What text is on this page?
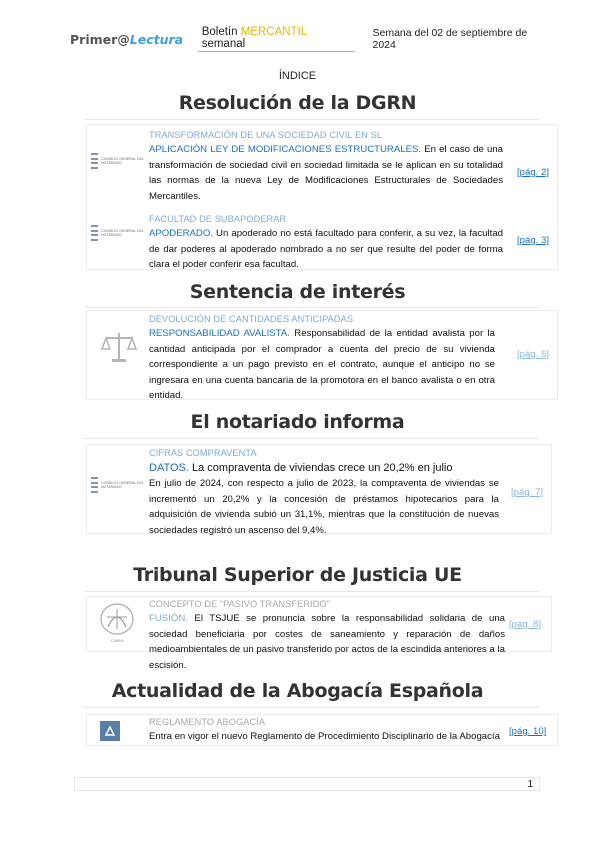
Primer@Lectura	Boletín MERCANTIL semanal
Semana del 02 de septiembre de 2024
ÍNDICE
Resolución de la DGRN
CONSEJO GENERAL DEL NOTARIADO
TRANSFORMACIÓN DE UNA SOCIEDAD CIVIL EN SL
APLICACIÓN LEY DE MODIFICACIONES ESTRUCTURALES. En el caso de una transformación de sociedad civil en sociedad limitada se le aplican en su totalidad las normas de la nueva Ley de Modificaciones Estructurales de Sociedades Mercantiles.
[pág. 2]
CONSEJO GENERAL DEL NOTARIADO
FACULTAD DE SUBAPODERAR
APODERADO. Un apoderado no está facultado para conferir, a su vez, la facultad de dar poderes al apoderado nombrado a no ser que resulte del poder de forma clara el poder conferir esa facultad.
[pág. 3]
Sentencia de interés
DEVOLUCIÓN DE CANTIDADES ANTICIPADAS
RESPONSABILIDAD AVALISTA. Responsabilidad de la entidad avalista por la cantidad anticipada por el comprador a cuenta del precio de su vivienda correspondiente a un pago previsto en el contrato, aunque el anticipo no se ingresara en una cuenta bancaria de la promotora en el banco avalista o en otra entidad.
[pág. 5]
El notariado informa
CONSEJO GENERAL DEL NOTARIADO
CIFRAS COMPRAVENTA
DATOS. La compraventa de viviendas crece un 20,2% en julio
En julio de 2024, con respecto a julio de 2023, la compraventa de viviendas se incrementó un 20,2% y la concesión de préstamos hipotecarios para la adquisición de vivienda subió un 31,1%, mientras que la constitución de nuevas sociedades registró un ascenso del 9,4%.
[pág. 7]
Tribunal Superior de Justicia UE
CURIA
CONCEPTO DE “PASIVO TRANSFERIDO”
FUSIÓN. El TSJUE se pronuncia sobre la responsabilidad solidaria de una sociedad beneficiaria por costes de saneamiento y reparación de daños medioambientales de un pasivo transferido por actos de la escindida anteriores a la escisión.
[pág. 8]
Actualidad de la Abogacía Española
REGLAMENTO ABOGACÍA
Entra en vigor el nuevo Reglamento de Procedimiento Disciplinario de la Abogacía [pág. 10]
1
